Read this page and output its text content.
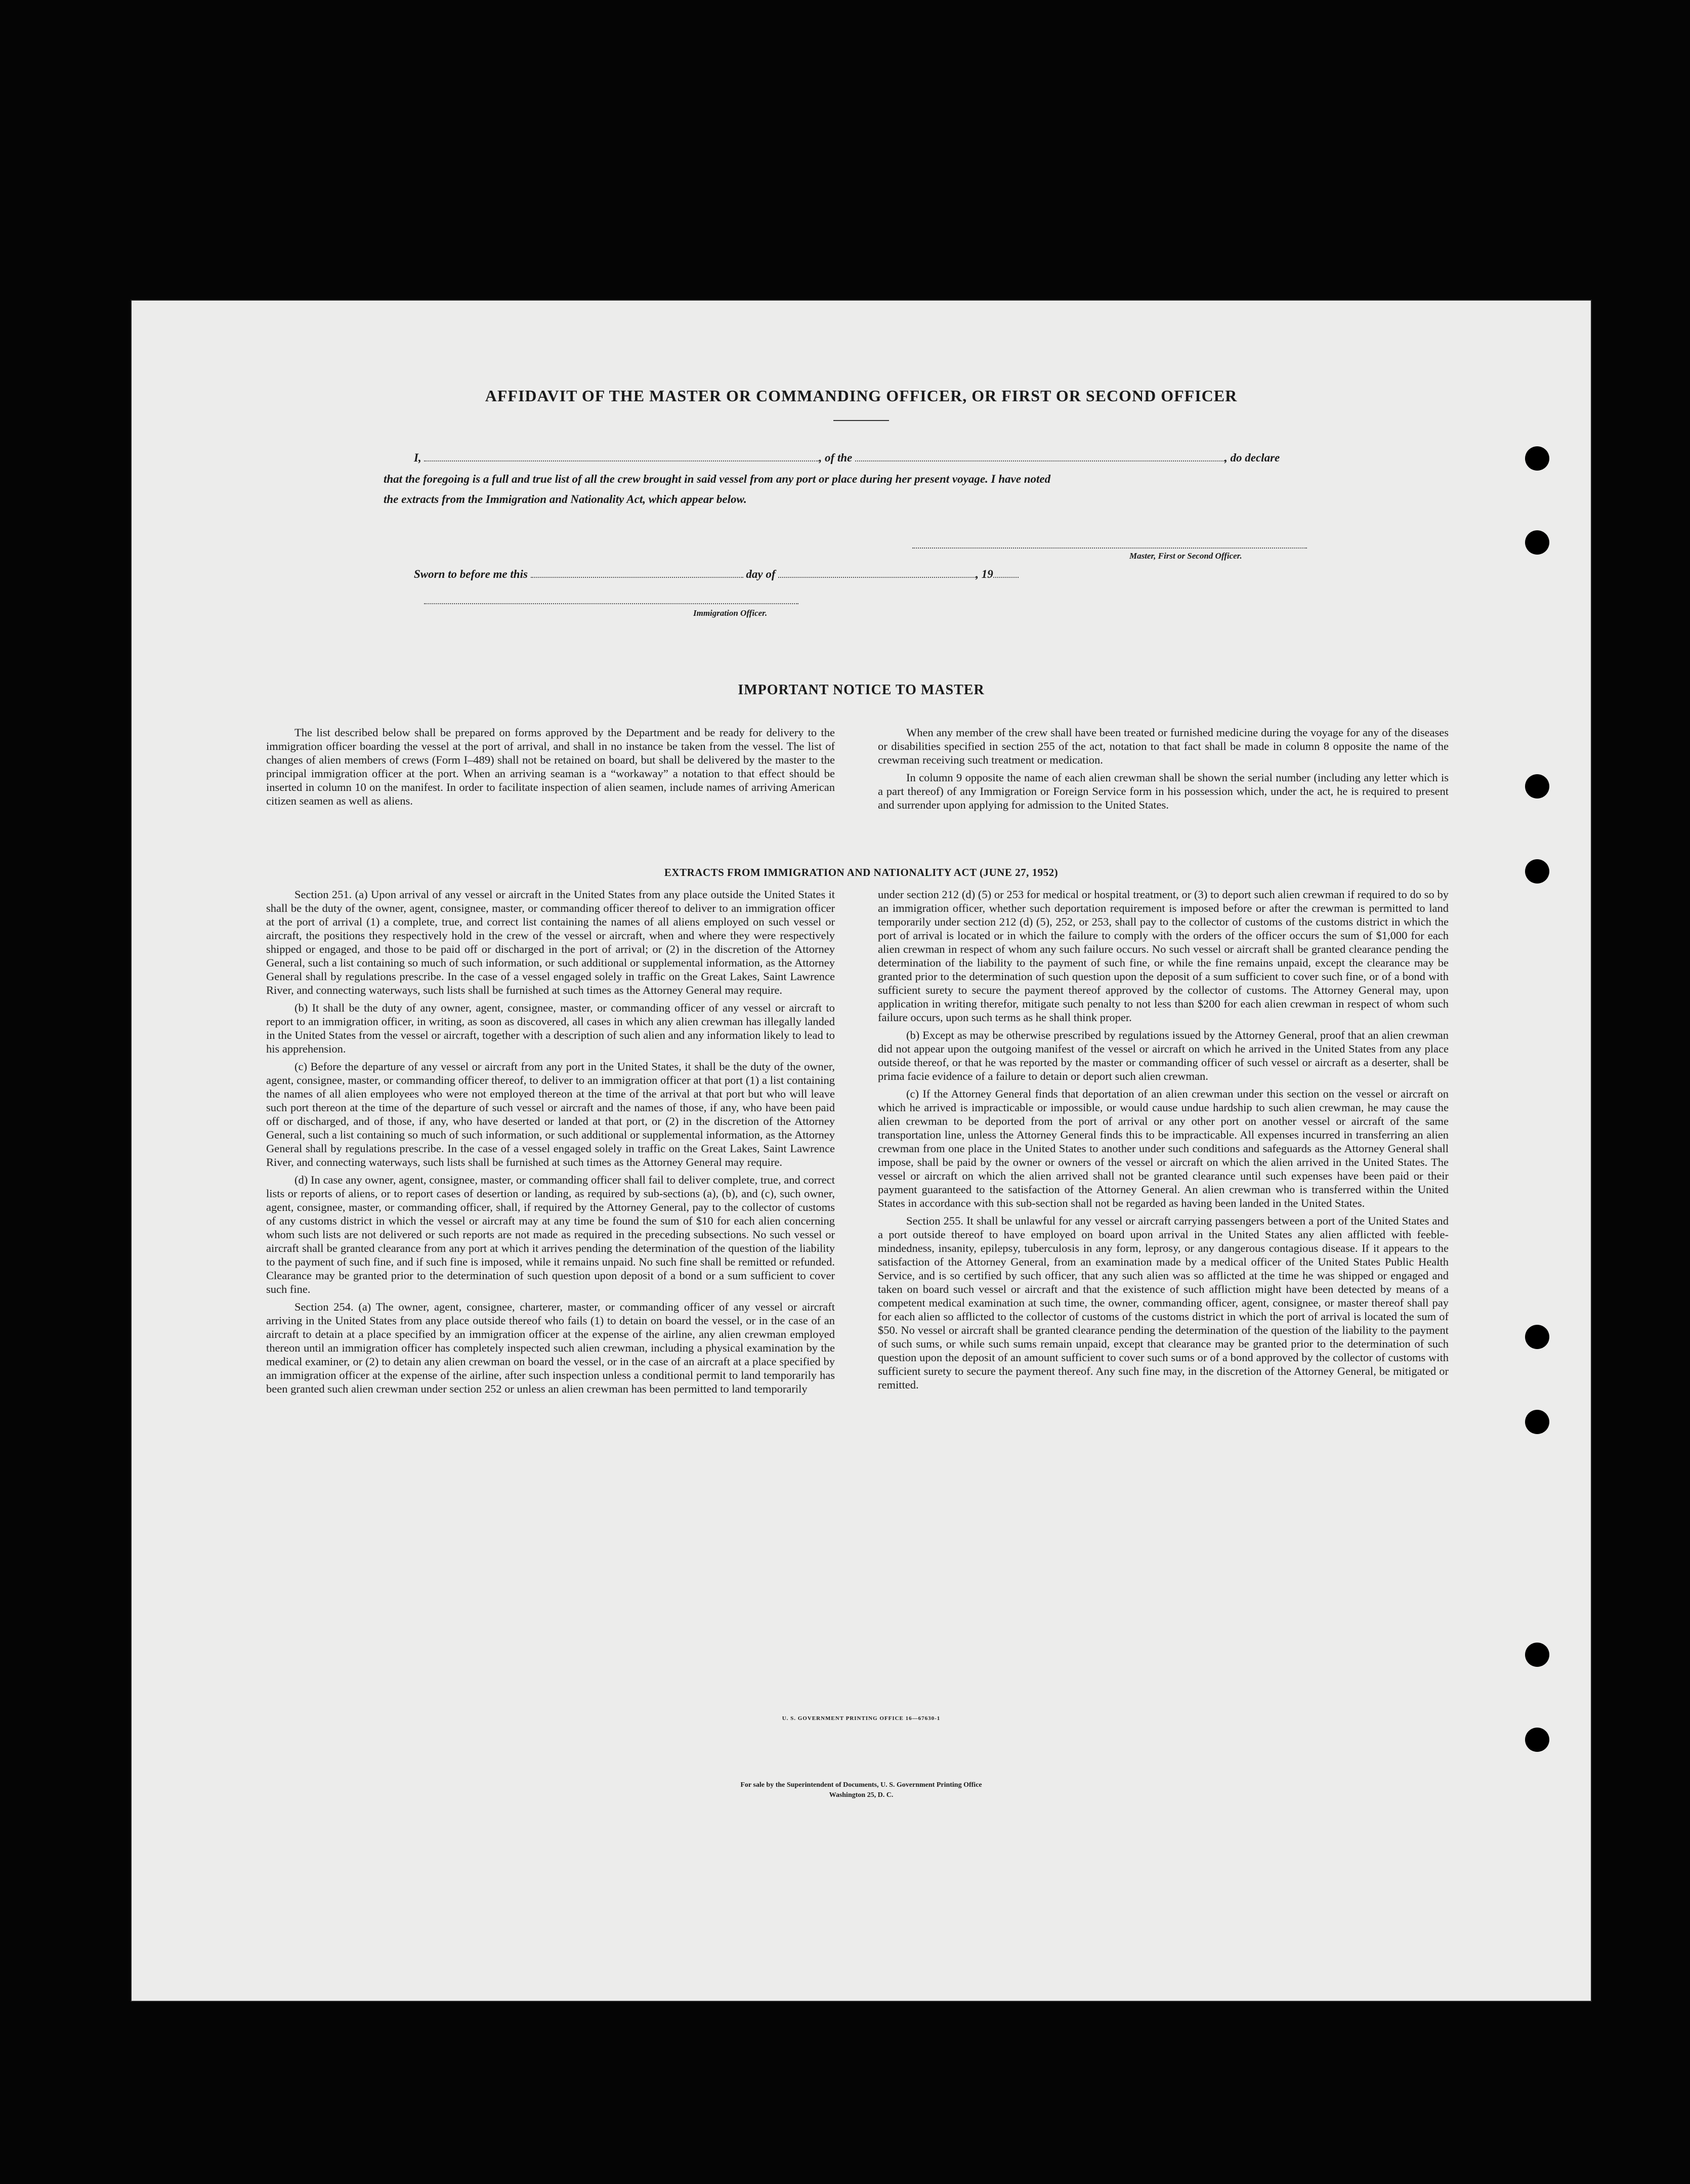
AFFIDAVIT OF THE MASTER OR COMMANDING OFFICER, OR FIRST OR SECOND OFFICER
I,	, of the	, do declare
that the foregoing is a full and true list of all the crew brought in said vessel from any port or place during her present voyage. I have noted
the extracts from the Immigration and Nationality Act, which appear below.
Master, First or Second Officer.
Sworn to before me this	day of	, 19
Immigration Officer.
IMPORTANT NOTICE TO MASTER

The list described below shall be prepared on forms approved by the Department and be ready for delivery to the immigration officer boarding the vessel at the port of arrival, and shall in no instance be taken from the vessel. The list of changes of alien members of crews (Form I–489) shall not be retained on board, but shall be delivered by the master to the principal immigration officer at the port. When an arriving seaman is a “workaway” a notation to that effect should be inserted in column 10 on the manifest. In order to facilitate inspection of alien seamen, include names of arriving American citizen seamen as well as aliens.

When any member of the crew shall have been treated or furnished medicine during the voyage for any of the diseases or disabilities specified in section 255 of the act, notation to that fact shall be made in column 8 opposite the name of the crewman receiving such treatment or medication.

In column 9 opposite the name of each alien crewman shall be shown the serial number (including any letter which is a part thereof) of any Immigration or Foreign Service form in his possession which, under the act, he is required to present and surrender upon applying for admission to the United States.

EXTRACTS FROM IMMIGRATION AND NATIONALITY ACT (JUNE 27, 1952)

Section 251. (a) Upon arrival of any vessel or aircraft in the United States from any place outside the United States it shall be the duty of the owner, agent, consignee, master, or commanding officer thereof to deliver to an immigration officer at the port of arrival (1) a complete, true, and correct list containing the names of all aliens employed on such vessel or aircraft, the positions they respectively hold in the crew of the vessel or aircraft, when and where they were respectively shipped or engaged, and those to be paid off or discharged in the port of arrival; or (2) in the discretion of the Attorney General, such a list containing so much of such information, or such additional or supplemental information, as the Attorney General shall by regulations prescribe. In the case of a vessel engaged solely in traffic on the Great Lakes, Saint Lawrence River, and connecting waterways, such lists shall be furnished at such times as the Attorney General may require.

(b) It shall be the duty of any owner, agent, consignee, master, or commanding officer of any vessel or aircraft to report to an immigration officer, in writing, as soon as discovered, all cases in which any alien crewman has illegally landed in the United States from the vessel or aircraft, together with a description of such alien and any information likely to lead to his apprehension.

(c) Before the departure of any vessel or aircraft from any port in the United States, it shall be the duty of the owner, agent, consignee, master, or commanding officer thereof, to deliver to an immigration officer at that port (1) a list containing the names of all alien employees who were not employed thereon at the time of the arrival at that port but who will leave such port thereon at the time of the departure of such vessel or aircraft and the names of those, if any, who have been paid off or discharged, and of those, if any, who have deserted or landed at that port, or (2) in the discretion of the Attorney General, such a list containing so much of such information, or such additional or supplemental information, as the Attorney General shall by regulations prescribe. In the case of a vessel engaged solely in traffic on the Great Lakes, Saint Lawrence River, and connecting waterways, such lists shall be furnished at such times as the Attorney General may require.

(d) In case any owner, agent, consignee, master, or commanding officer shall fail to deliver complete, true, and correct lists or reports of aliens, or to report cases of desertion or landing, as required by sub-sections (a), (b), and (c), such owner, agent, consignee, master, or commanding officer, shall, if required by the Attorney General, pay to the collector of customs of any customs district in which the vessel or aircraft may at any time be found the sum of $10 for each alien concerning whom such lists are not delivered or such reports are not made as required in the preceding subsections. No such vessel or aircraft shall be granted clearance from any port at which it arrives pending the determination of the question of the liability to the payment of such fine, and if such fine is imposed, while it remains unpaid. No such fine shall be remitted or refunded. Clearance may be granted prior to the determination of such question upon deposit of a bond or a sum sufficient to cover such fine.

Section 254. (a) The owner, agent, consignee, charterer, master, or commanding officer of any vessel or aircraft arriving in the United States from any place outside thereof who fails (1) to detain on board the vessel, or in the case of an aircraft to detain at a place specified by an immigration officer at the expense of the airline, any alien crewman employed thereon until an immigration officer has completely inspected such alien crewman, including a physical examination by the medical examiner, or (2) to detain any alien crewman on board the vessel, or in the case of an aircraft at a place specified by an immigration officer at the expense of the airline, after such inspection unless a conditional permit to land temporarily has been granted such alien crewman under section 252 or unless an alien crewman has been permitted to land temporarily

under section 212 (d) (5) or 253 for medical or hospital treatment, or (3) to deport such alien crewman if required to do so by an immigration officer, whether such deportation requirement is imposed before or after the crewman is permitted to land temporarily under section 212 (d) (5), 252, or 253, shall pay to the collector of customs of the customs district in which the port of arrival is located or in which the failure to comply with the orders of the officer occurs the sum of $1,000 for each alien crewman in respect of whom any such failure occurs. No such vessel or aircraft shall be granted clearance pending the determination of the liability to the payment of such fine, or while the fine remains unpaid, except the clearance may be granted prior to the determination of such question upon the deposit of a sum sufficient to cover such fine, or of a bond with sufficient surety to secure the payment thereof approved by the collector of customs. The Attorney General may, upon application in writing therefor, mitigate such penalty to not less than $200 for each alien crewman in respect of whom such failure occurs, upon such terms as he shall think proper.

(b) Except as may be otherwise prescribed by regulations issued by the Attorney General, proof that an alien crewman did not appear upon the outgoing manifest of the vessel or aircraft on which he arrived in the United States from any place outside thereof, or that he was reported by the master or commanding officer of such vessel or aircraft as a deserter, shall be prima facie evidence of a failure to detain or deport such alien crewman.

(c) If the Attorney General finds that deportation of an alien crewman under this section on the vessel or aircraft on which he arrived is impracticable or impossible, or would cause undue hardship to such alien crewman, he may cause the alien crewman to be deported from the port of arrival or any other port on another vessel or aircraft of the same transportation line, unless the Attorney General finds this to be impracticable. All expenses incurred in transferring an alien crewman from one place in the United States to another under such conditions and safeguards as the Attorney General shall impose, shall be paid by the owner or owners of the vessel or aircraft on which the alien arrived in the United States. The vessel or aircraft on which the alien arrived shall not be granted clearance until such expenses have been paid or their payment guaranteed to the satisfaction of the Attorney General. An alien crewman who is transferred within the United States in accordance with this sub-section shall not be regarded as having been landed in the United States.

Section 255. It shall be unlawful for any vessel or aircraft carrying passengers between a port of the United States and a port outside thereof to have employed on board upon arrival in the United States any alien afflicted with feeble-mindedness, insanity, epilepsy, tuberculosis in any form, leprosy, or any dangerous contagious disease. If it appears to the satisfaction of the Attorney General, from an examination made by a medical officer of the United States Public Health Service, and is so certified by such officer, that any such alien was so afflicted at the time he was shipped or engaged and taken on board such vessel or aircraft and that the existence of such affliction might have been detected by means of a competent medical examination at such time, the owner, commanding officer, agent, consignee, or master thereof shall pay for each alien so afflicted to the collector of customs of the customs district in which the port of arrival is located the sum of $50. No vessel or aircraft shall be granted clearance pending the determination of the question of the liability to the payment of such sums, or while such sums remain unpaid, except that clearance may be granted prior to the determination of such question upon the deposit of an amount sufficient to cover such sums or of a bond approved by the collector of customs with sufficient surety to secure the payment thereof. Any such fine may, in the discretion of the Attorney General, be mitigated or remitted.

U. S. GOVERNMENT PRINTING OFFICE 16—67630-1
For sale by the Superintendent of Documents, U. S. Government Printing Office
Washington 25, D. C.
